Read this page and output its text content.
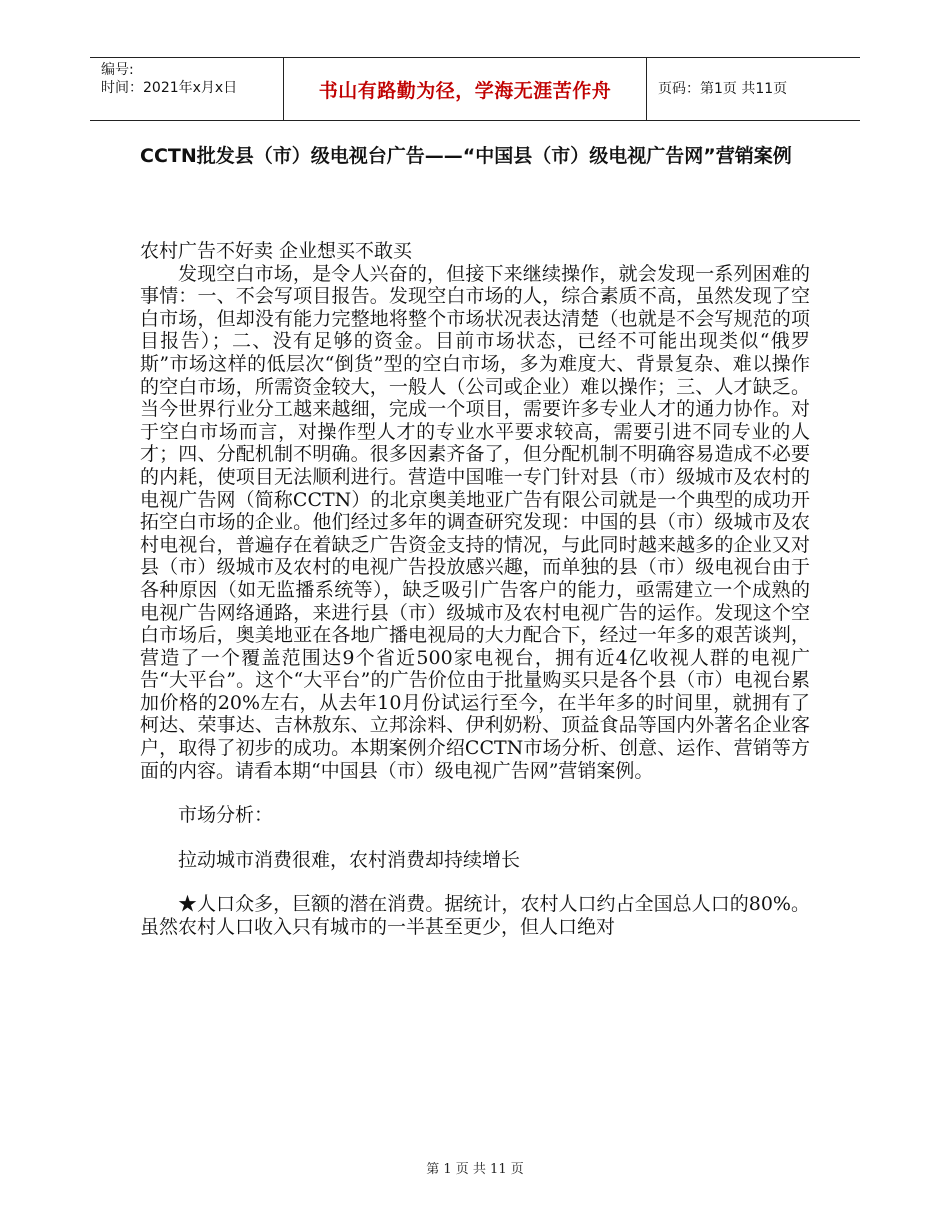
编号:
时间：2021年x月x日	书山有路勤为径，学海无涯苦作舟	页码：第1页 共11页
CCTN批发县（市）级电视台广告——“中国县（市）级电视广告网”营销案例

农村广告不好卖 企业想买不敢买

发现空白市场，是令人兴奋的，但接下来继续操作，就会发现一系列困难的事情：一、不会写项目报告。发现空白市场的人，综合素质不高，虽然发现了空白市场，但却没有能力完整地将整个市场状况表达清楚（也就是不会写规范的项目报告）；二、没有足够的资金。目前市场状态，已经不可能出现类似“俄罗斯”市场这样的低层次“倒货”型的空白市场，多为难度大、背景复杂、难以操作的空白市场，所需资金较大，一般人（公司或企业）难以操作；三、人才缺乏。当今世界行业分工越来越细，完成一个项目，需要许多专业人才的通力协作。对于空白市场而言，对操作型人才的专业水平要求较高，需要引进不同专业的人才；四、分配机制不明确。很多因素齐备了，但分配机制不明确容易造成不必要的内耗，使项目无法顺利进行。营造中国唯一专门针对县（市）级城市及农村的电视广告网（简称CCTN）的北京奥美地亚广告有限公司就是一个典型的成功开拓空白市场的企业。他们经过多年的调查研究发现：中国的县（市）级城市及农村电视台，普遍存在着缺乏广告资金支持的情况，与此同时越来越多的企业又对县（市）级城市及农村的电视广告投放感兴趣，而单独的县（市）级电视台由于各种原因（如无监播系统等），缺乏吸引广告客户的能力，亟需建立一个成熟的电视广告网络通路，来进行县（市）级城市及农村电视广告的运作。发现这个空白市场后，奥美地亚在各地广播电视局的大力配合下，经过一年多的艰苦谈判，营造了一个覆盖范围达9个省近500家电视台，拥有近4亿收视人群的电视广告“大平台”。这个“大平台”的广告价位由于批量购买只是各个县（市）电视台累加价格的20%左右，从去年10月份试运行至今，在半年多的时间里，就拥有了柯达、荣事达、吉林敖东、立邦涂料、伊利奶粉、顶益食品等国内外著名企业客户，取得了初步的成功。本期案例介绍CCTN市场分析、创意、运作、营销等方面的内容。请看本期“中国县（市）级电视广告网”营销案例。

市场分析：

拉动城市消费很难，农村消费却持续增长

★人口众多，巨额的潜在消费。据统计，农村人口约占全国总人口的80%。虽然农村人口收入只有城市的一半甚至更少，但人口绝对

第 1 页 共 11 页
